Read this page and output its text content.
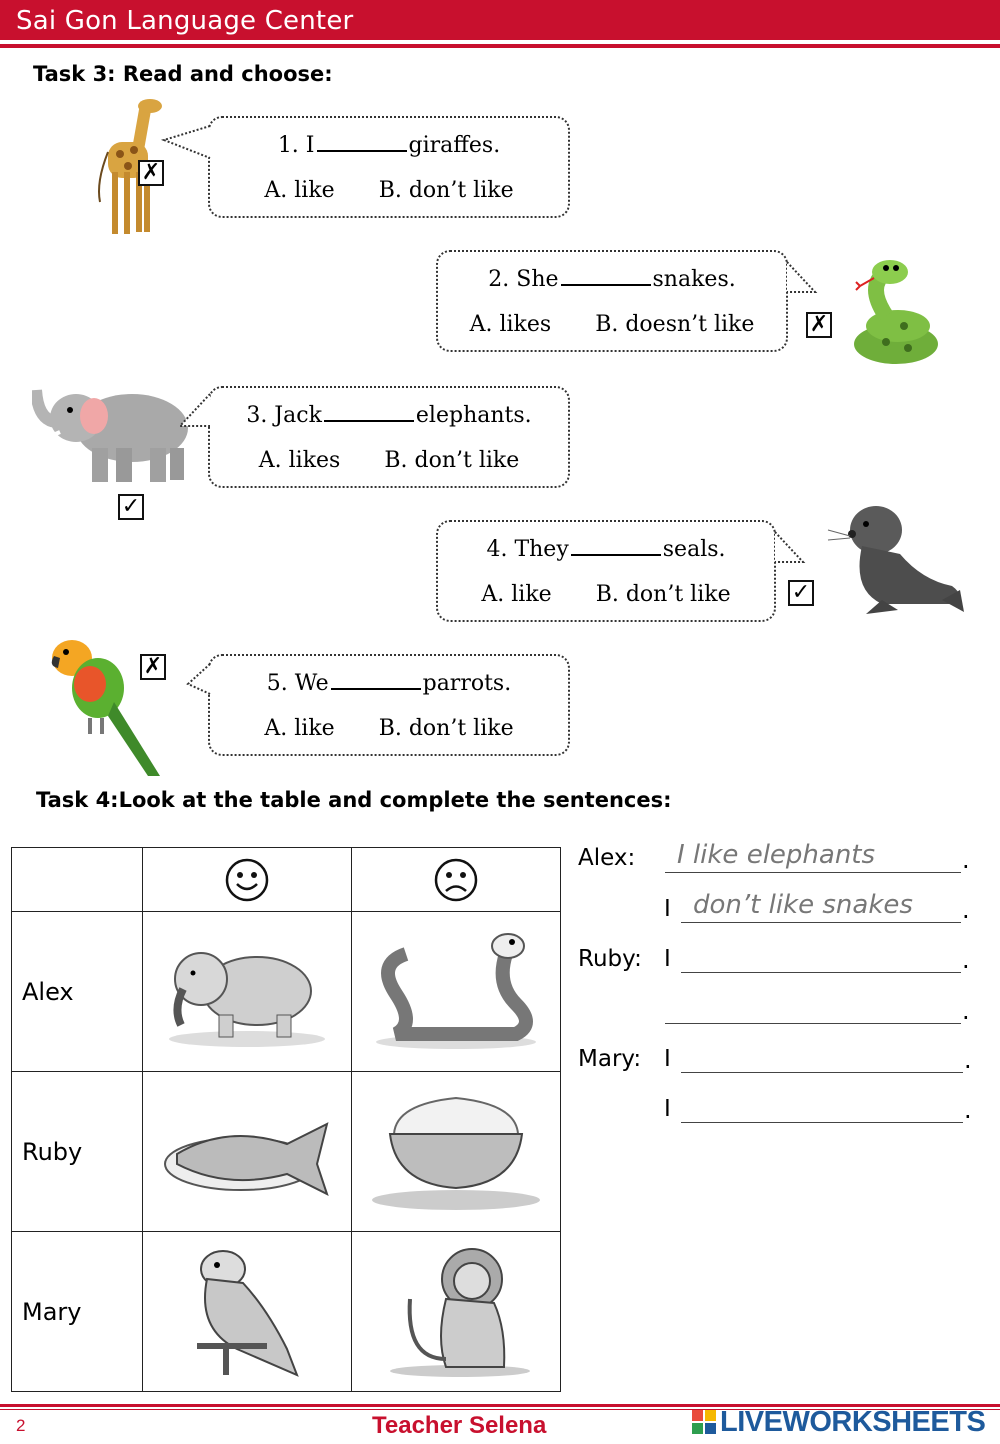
Sai Gon Language Center
Task 3: Read and choose:
✗
1. I	giraffes.
A. like B. don’t like
2. She	snakes.
A. likes B. doesn’t like	✗
✓
3. Jack	elephants.
A. likes B. don’t like
4. They	seals.
A. like B. don’t like	✓
✗
5. We	parrots.
A. like B. don’t like
Task 4:Look at the table and complete the sentences:

Alex		
Ruby		
Mary		
Alex: I like elephants	.
I don’t like snakes .
Ruby: I	.
.
Mary: I	.
I	.
2	Teacher Selena	LIVEWORKSHEETS
